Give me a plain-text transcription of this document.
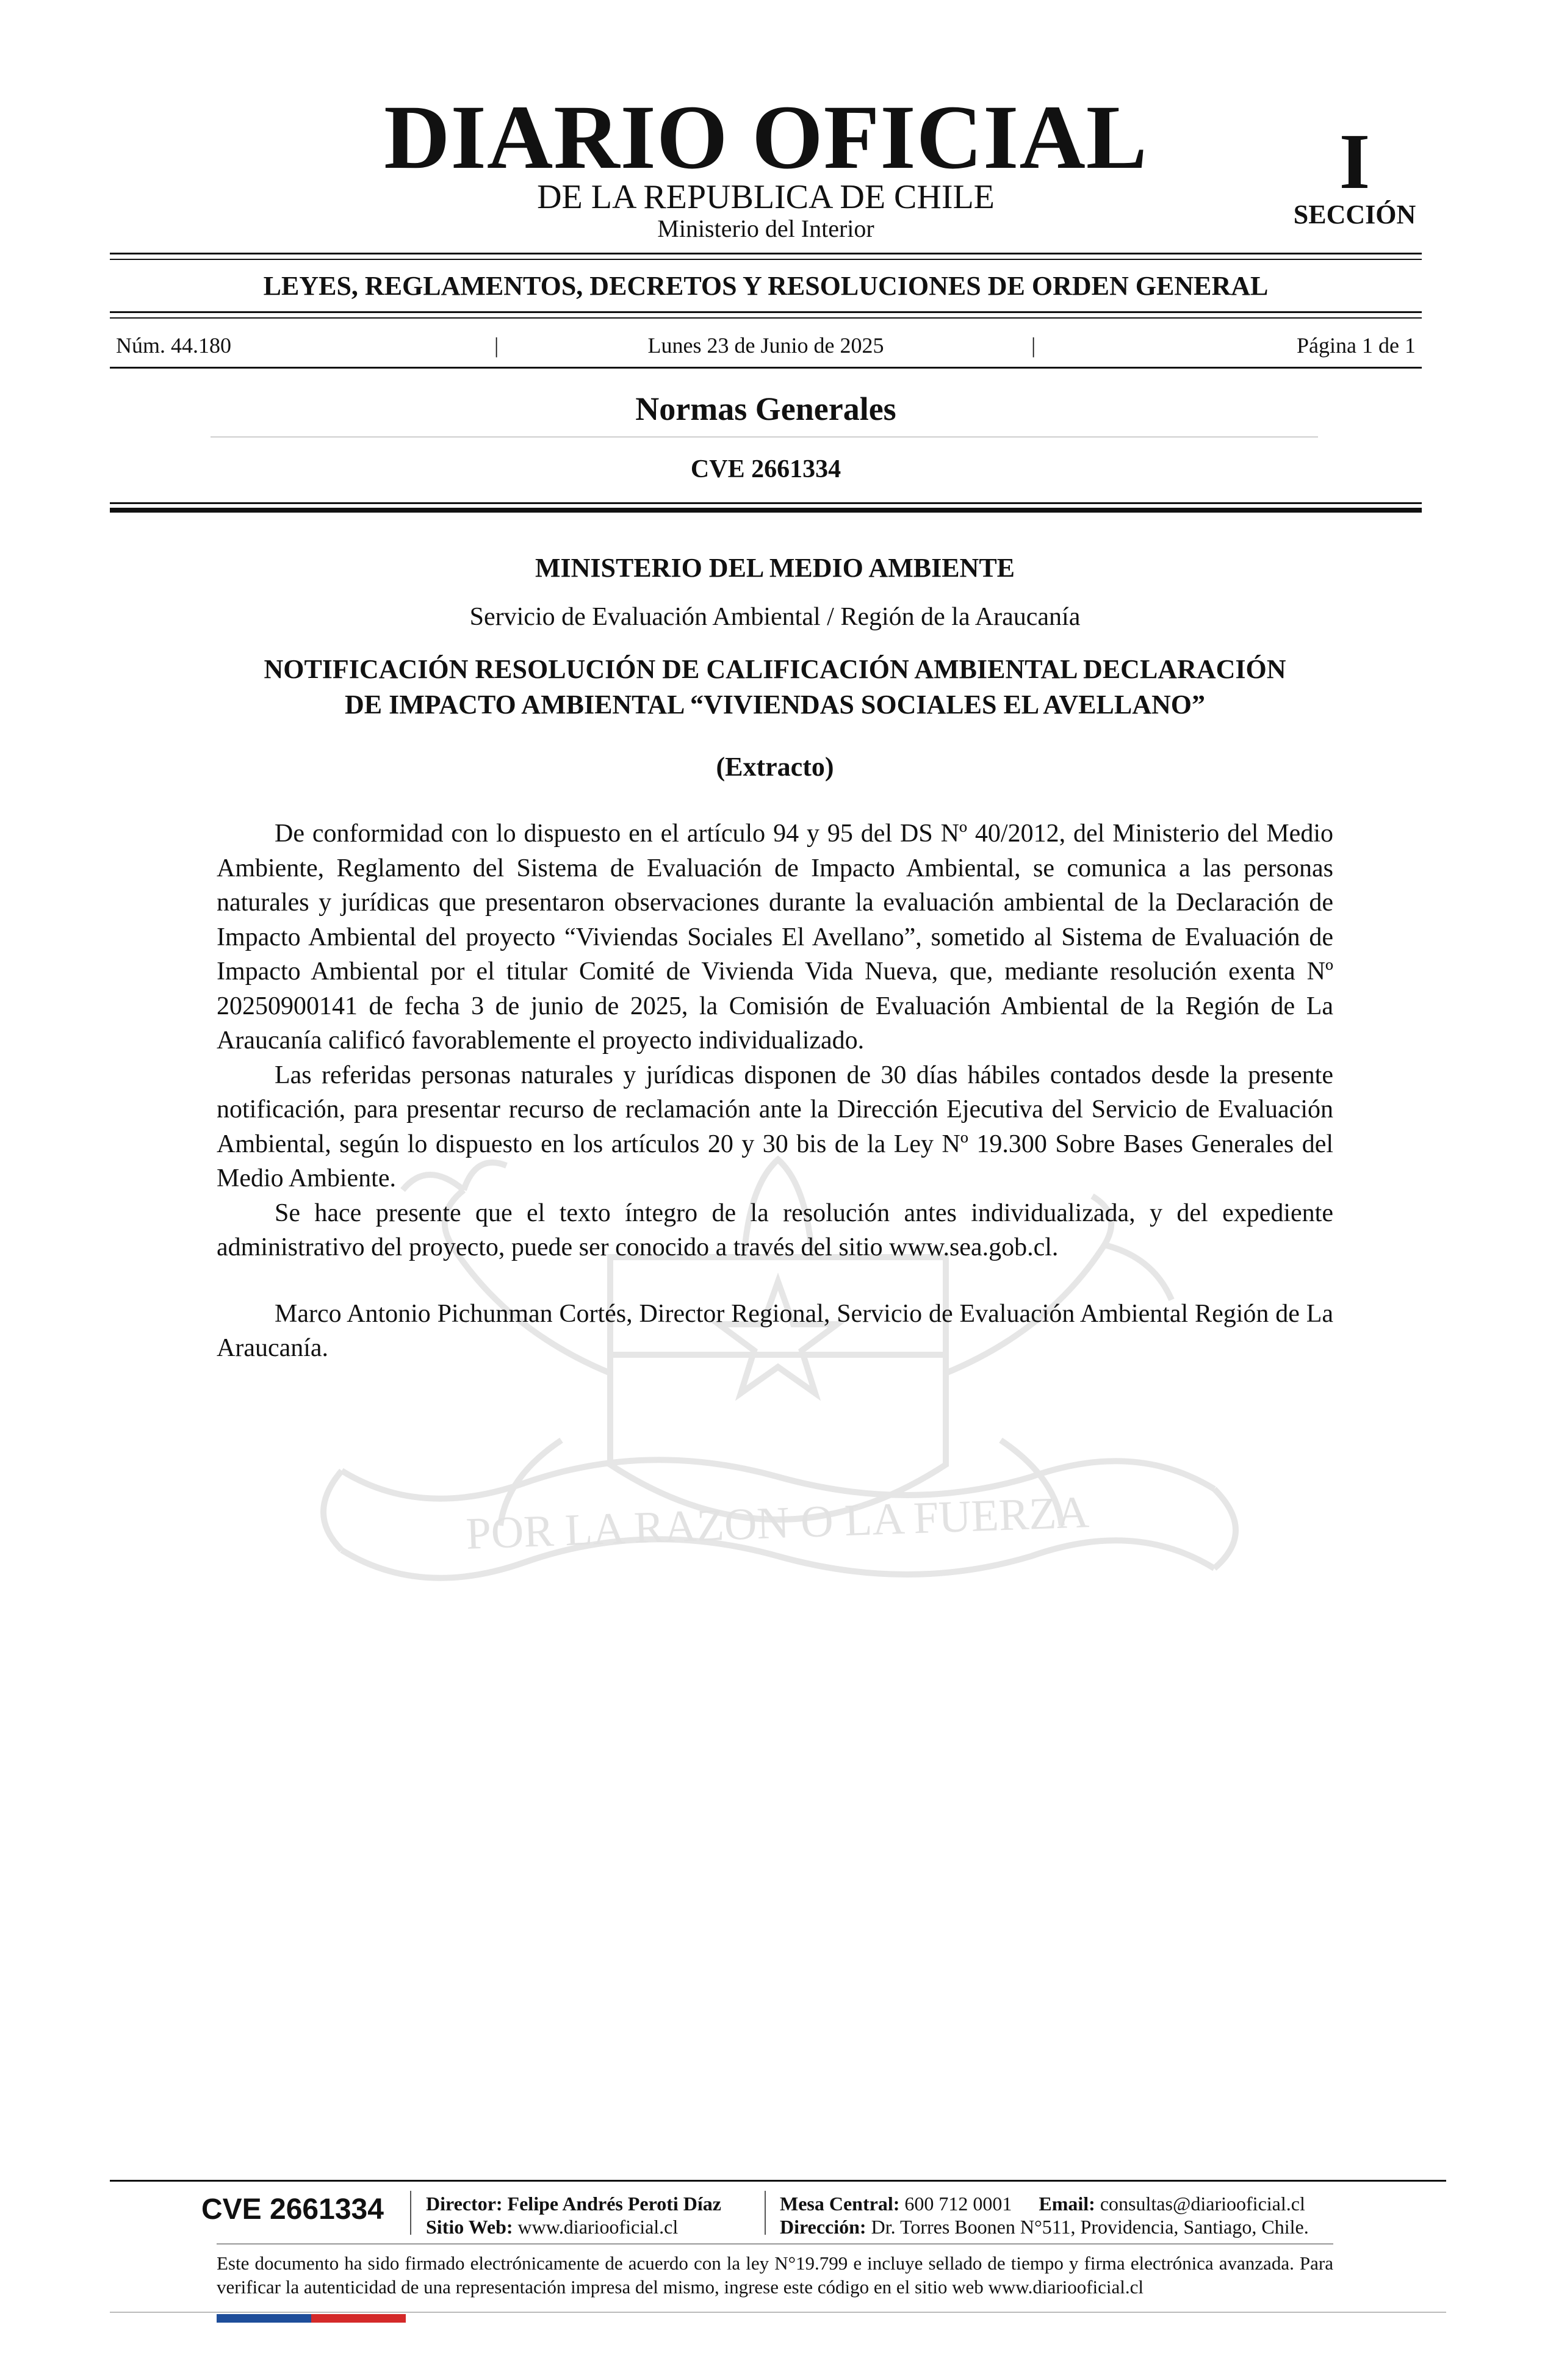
DIARIO OFICIAL
DE LA REPUBLICA DE CHILE
Ministerio del Interior
I
SECCIÓN
LEYES, REGLAMENTOS, DECRETOS Y RESOLUCIONES DE ORDEN GENERAL
Núm. 44.180	|	Lunes 23 de Junio de 2025	|	Página 1 de 1
Normas Generales
CVE 2661334
POR LA RAZON O LA FUERZA
MINISTERIO DEL MEDIO AMBIENTE
Servicio de Evaluación Ambiental / Región de la Araucanía
NOTIFICACIÓN RESOLUCIÓN DE CALIFICACIÓN AMBIENTAL DECLARACIÓN
DE IMPACTO AMBIENTAL “VIVIENDAS SOCIALES EL AVELLANO”
(Extracto)

De conformidad con lo dispuesto en el artículo 94 y 95 del DS Nº 40/2012, del Ministerio del Medio Ambiente, Reglamento del Sistema de Evaluación de Impacto Ambiental, se comunica a las personas naturales y jurídicas que presentaron observaciones durante la evaluación ambiental de la Declaración de Impacto Ambiental del proyecto “Viviendas Sociales El Avellano”, sometido al Sistema de Evaluación de Impacto Ambiental por el titular Comité de Vivienda Vida Nueva, que, mediante resolución exenta Nº 20250900141 de fecha 3 de junio de 2025, la Comisión de Evaluación Ambiental de la Región de La Araucanía calificó favorablemente el proyecto individualizado.

Las referidas personas naturales y jurídicas disponen de 30 días hábiles contados desde la presente notificación, para presentar recurso de reclamación ante la Dirección Ejecutiva del Servicio de Evaluación Ambiental, según lo dispuesto en los artículos 20 y 30 bis de la Ley Nº 19.300 Sobre Bases Generales del Medio Ambiente.

Se hace presente que el texto íntegro de la resolución antes individualizada, y del expediente administrativo del proyecto, puede ser conocido a través del sitio www.sea.gob.cl.

Marco Antonio Pichunman Cortés, Director Regional, Servicio de Evaluación Ambiental Región de La Araucanía.

CVE 2661334	Director: Felipe Andrés Peroti Díaz
Sitio Web: www.diariooficial.cl
Mesa Central: 600 712 0001 Email: consultas@diariooficial.cl
Dirección: Dr. Torres Boonen N°511, Providencia, Santiago, Chile.
Este documento ha sido firmado electrónicamente de acuerdo con la ley N°19.799 e incluye sellado de tiempo y firma electrónica avanzada. Para verificar la autenticidad de una representación impresa del mismo, ingrese este código en el sitio web www.diariooficial.cl
